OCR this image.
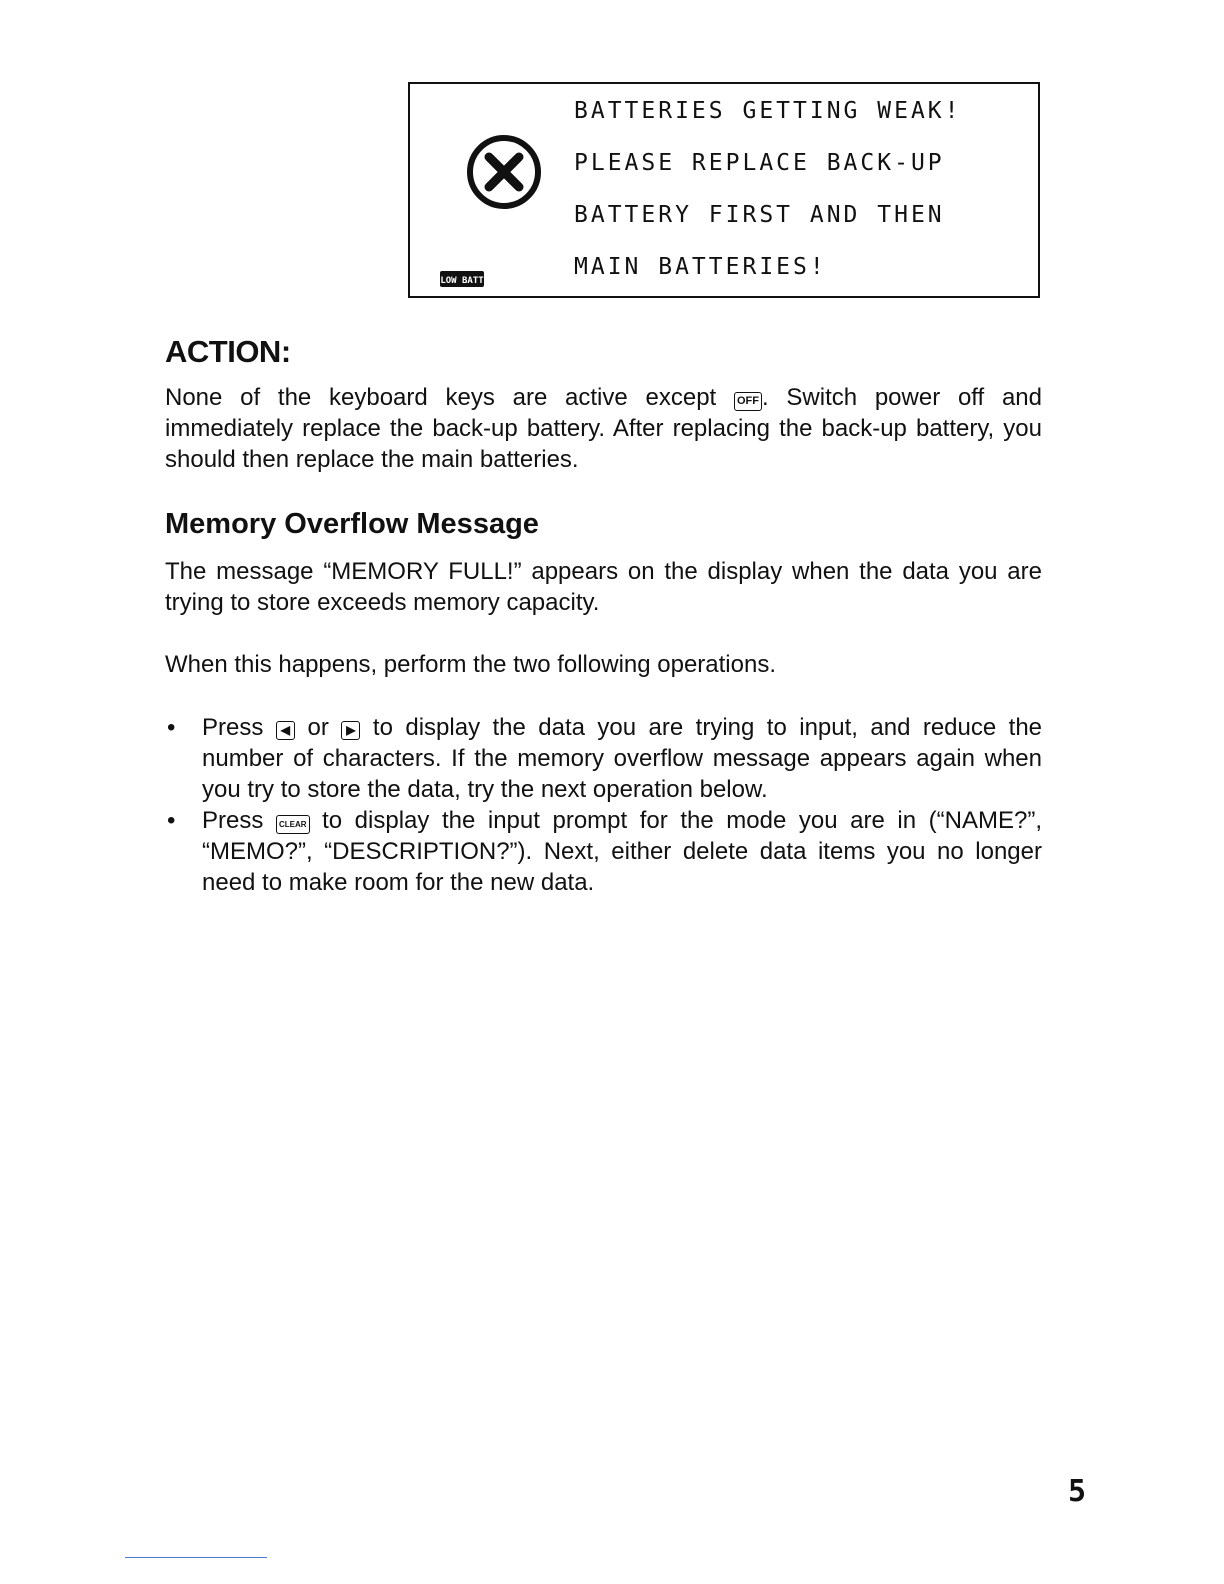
LOW BATT
BATTERIES GETTING WEAK!
PLEASE REPLACE BACK-UP
BATTERY FIRST AND THEN
MAIN BATTERIES!
ACTION:

None of the keyboard keys are active except OFF . Switch power off and immediately replace the back-up battery. After replacing the back-up battery, you should then replace the main batteries.

Memory Overflow Message

The message “MEMORY FULL!” appears on the display when the data you are trying to store exceeds memory capacity.

When this happens, perform the two following operations.

• Press ◀ or ▶ to display the data you are trying to input, and reduce the number of characters. If the memory overflow message appears again when you try to store the data, try the next operation below.
• Press CLEAR to display the input prompt for the mode you are in (“NAME?”, “MEMO?”, “DESCRIPTION?”). Next, either delete data items you no longer need to make room for the new data.

5
